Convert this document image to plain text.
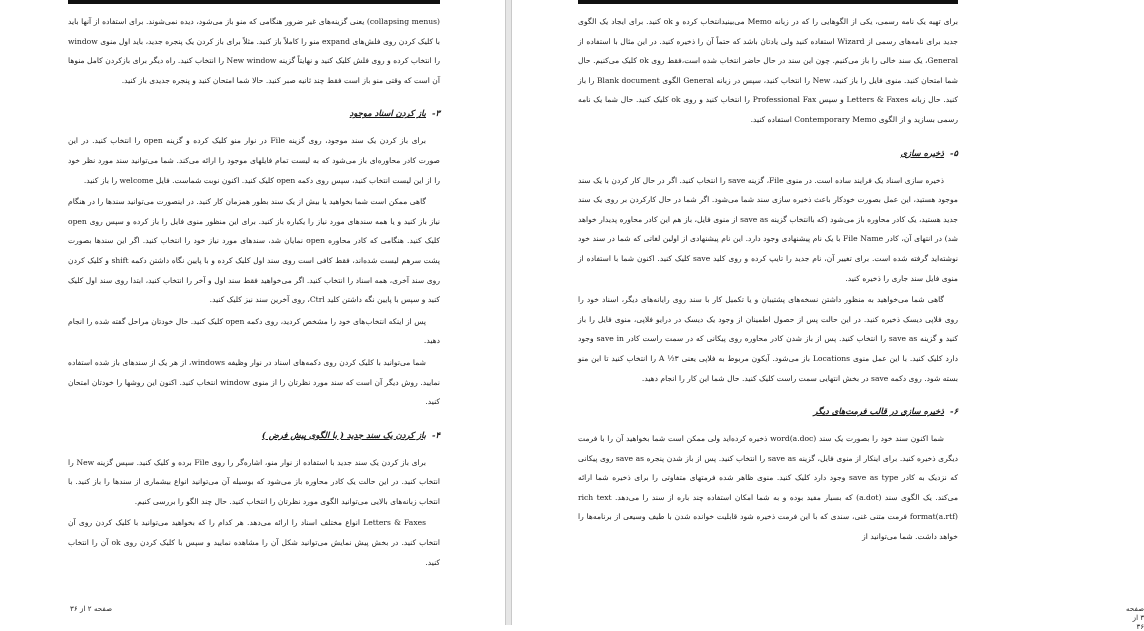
(collapsing menus) یعنی گزینه‌های غیر ضرور هنگامی که منو باز می‌شود، دیده نمی‌شوند. برای استفاده از آنها باید با کلیک کردن روی فلش‌های expand منو را کاملاً باز کنید. مثلاً برای باز کردن یک پنجره جدید، باید اول منوی window را انتخاب کرده و روی فلش کلیک کنید و نهایتاً گزینه New window را انتخاب کنید. راه دیگر برای بازکردن کامل منوها آن است که وقتی منو باز است فقط چند ثانیه صبر کنید. حالا شما امتحان کنید و پنجره جدیدی باز کنید.

۳-باز کردن اسناد موجود

برای باز کردن یک سند موجود، روی گزینه File در نوار منو کلیک کرده و گزینه open را انتخاب کنید. در این صورت کادر محاوره‌ای باز می‌شود که به لیست تمام فایلهای موجود را ارائه می‌کند. شما می‌توانید سند مورد نظر خود را از این لیست انتخاب کنید، سپس روی دکمه open کلیک کنید. اکنون نوبت شماست. فایل welcome را باز کنید.

گاهی ممکن است شما بخواهید یا بیش از یک سند بطور همزمان کار کنید. در اینصورت می‌توانید سندها را در هنگام نیاز باز کنید و یا همه سندهای مورد نیاز را یکباره باز کنید. برای این منظور منوی فایل را باز کرده و سپس روی open کلیک کنید. هنگامی که کادر محاوره open نمایان شد، سندهای مورد نیاز خود را انتخاب کنید. اگر این سندها بصورت پشت سرهم لیست شده‌اند، فقط کافی است روی سند اول کلیک کرده و با پایین نگاه داشتن دکمه shift و کلیک کردن روی سند آخری، همه اسناد را انتخاب کنید. اگر می‌خواهید فقط سند اول و آخر را انتخاب کنید، ابتدا روی سند اول کلیک کنید و سپس با پایین نگه داشتن کلید Ctrl، روی آخرین سند نیز کلیک کنید.

پس از اینکه انتخاب‌های خود را مشخص کردید، روی دکمه open کلیک کنید. حال خودتان مراحل گفته شده را انجام دهید.

شما می‌توانید با کلیک کردن روی دکمه‌های اسناد در نوار وظیفه windows، از هر یک از سندهای باز شده استفاده نمایید. روش دیگر آن است که سند مورد نظرتان را از منوی window انتخاب کنید. اکنون این روشها را خودتان امتحان کنید.

۴-باز کردن یک سند جدید ( با الگوی پیش فرض )

برای باز کردن یک سند جدید با استفاده از نوار منو، اشاره‌گر را روی File برده و کلیک کنید. سپس گزینه New را انتخاب کنید. در این حالت یک کادر محاوره باز می‌شود که بوسیله آن می‌توانید انواع بیشماری از سندها را باز کنید. با انتخاب زبانه‌های بالایی می‌توانید الگوی مورد نظرتان را انتخاب کنید. حال چند الگو را بررسی کنیم.

Letters & Faxes انواع مختلف اسناد را ارائه می‌دهد. هر کدام را که بخواهید می‌توانید با کلیک کردن روی آن انتخاب کنید. در بخش پیش نمایش می‌توانید شکل آن را مشاهده نمایید و سپس با کلیک کردن روی ok آن را انتخاب کنید.

صفحه ۲ از ۳۶

برای تهیه یک نامه رسمی، یکی از الگوهایی را که در زبانه Memo می‌بینید‌انتخاب کرده و ok کنید. برای ایجاد یک الگوی جدید برای نامه‌های رسمی از Wizard استفاده کنید ولی یادتان باشد که حتماً آن را ذخیره کنید. در این مثال با استفاده از General، یک سند خالی را باز می‌کنیم. چون این سند در حال حاضر انتخاب شده است،فقط روی ok کلیک می‌کنیم. حال شما امتحان کنید. منوی فایل را باز کنید، New را انتخاب کنید، سپس در زبانه General الگوی Blank document را باز کنید. حال زبانه Letters & Faxes و سپس Professional Fax را انتخاب کنید و روی ok کلیک کنید. حال شما یک نامه رسمی بسازید و از الگوی Contemporary Memo استفاده کنید.

۵-ذخیره سازی

ذخیره سازی اسناد یک فرایند ساده است. در منوی File، گزینه save را انتخاب کنید. اگر در حال کار کردن با یک سند موجود هستید، این عمل بصورت خودکار باعث ذخیره سازی سند شما می‌شود. اگر شما در حال کارکردن بر روی یک سند جدید هستید، یک کادر محاوره باز می‌شود (که باانتخاب گزینه save as از منوی فایل، باز هم این کادر محاوره پدیدار خواهد شد) در انتهای آن، کادر File Name با یک نام پیشنهادی وجود دارد. این نام پیشنهادی از اولین لغاتی که شما در سند خود نوشته‌اید گرفته شده است. برای تغییر آن، نام جدید را تایپ کرده و روی کلید save کلیک کنید. اکنون شما با استفاده از منوی فایل سند جاری را ذخیره کنید.

گاهی شما می‌خواهید به منظور داشتن نسخه‌های پشتیبان و یا تکمیل کار با سند روی رایانه‌های دیگر، اسناد خود را روی فلاپی دیسک ذخیره کنید. در این حالت پس از حصول اطمینان از وجود یک دیسک در درایو فلاپی، منوی فایل را باز کنید و گزینه save as را انتخاب کنید. پس از باز شدن کادر محاوره روی پیکانی که در سمت راست کادر save in وجود دارد کلیک کنید. با این عمل منوی Locations باز می‌شود. آیکون مربوط به فلاپی یعنی ۳½ A را انتخاب کنید تا این منو بسته شود. روی دکمه save در بخش انتهایی سمت راست کلیک کنید. حال شما این کار را انجام دهید.

۶-ذخیره سازی در قالب فرمت‌های دیگر

شما اکنون سند خود را بصورت یک سند word(a.doc) ذخیره کرده‌اید ولی ممکن است شما بخواهید آن را با فرمت دیگری ذخیره کنید. برای اینکار از منوی فایل، گزینه save as را انتخاب کنید. پس از باز شدن پنجره save as روی پیکانی که نزدیک به کادر save as type وجود دارد کلیک کنید. منوی ظاهر شده فرمتهای متفاوتی را برای ذخیره شما ارائه می‌کند. یک الگوی سند (a.dot) که بسیار مفید بوده و به شما امکان استفاده چند باره از سند را می‌دهد. rich text format(a.rtf) فرمت متنی غنی، سندی که با این فرمت ذخیره شود قابلیت خوانده شدن با طیف وسیعی از برنامه‌ها را خواهد داشت. شما می‌توانید از

صفحه ۳ از ۳۶
